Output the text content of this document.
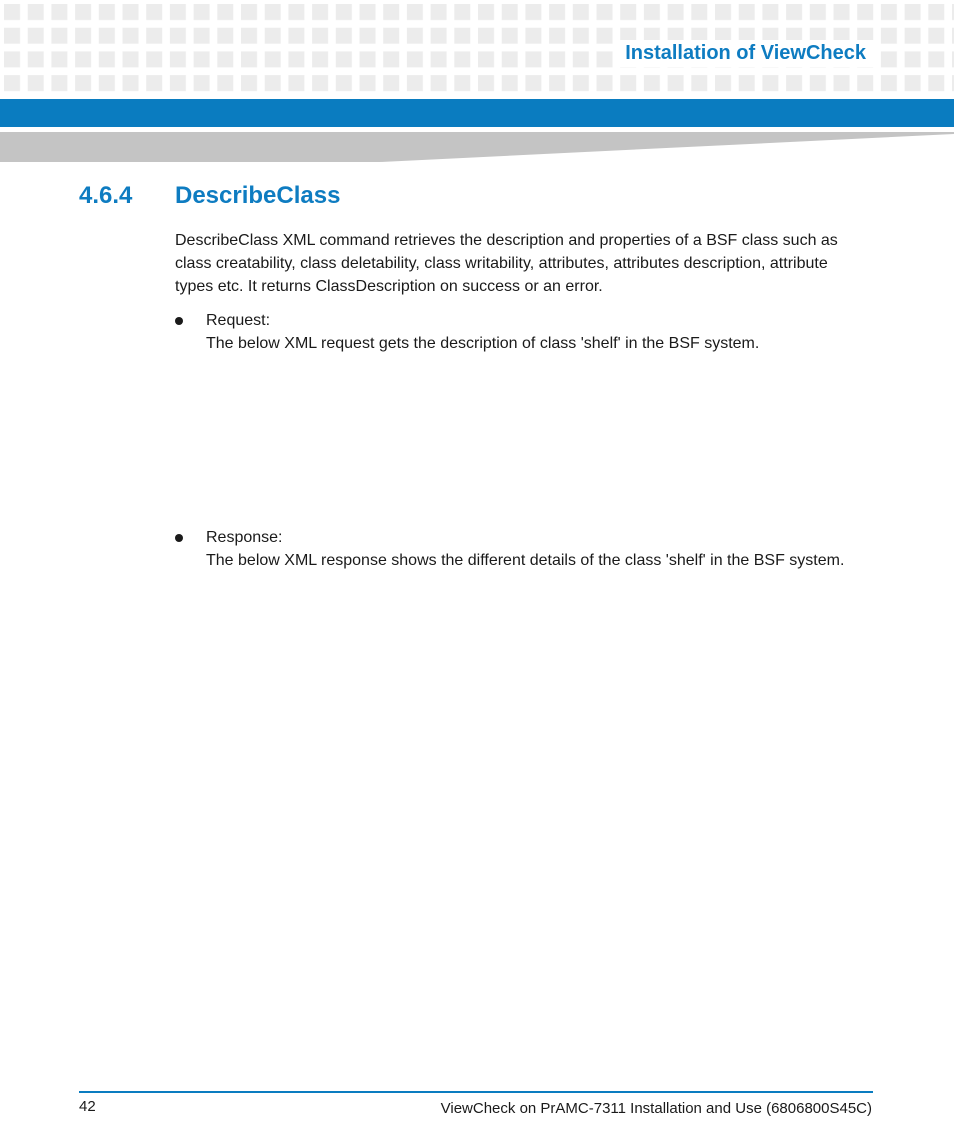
Installation of ViewCheck
4.6.4 DescribeClass
DescribeClass XML command retrieves the description and properties of a BSF class such as
class creatability, class deletability, class writability, attributes, attributes description, attribute
types etc. It returns ClassDescription on success or an error.
Request:
The below XML request gets the description of class 'shelf' in the BSF system.
Response:
The below XML response shows the different details of the class 'shelf' in the BSF system.
42	ViewCheck on PrAMC-7311 Installation and Use (6806800S45C)
